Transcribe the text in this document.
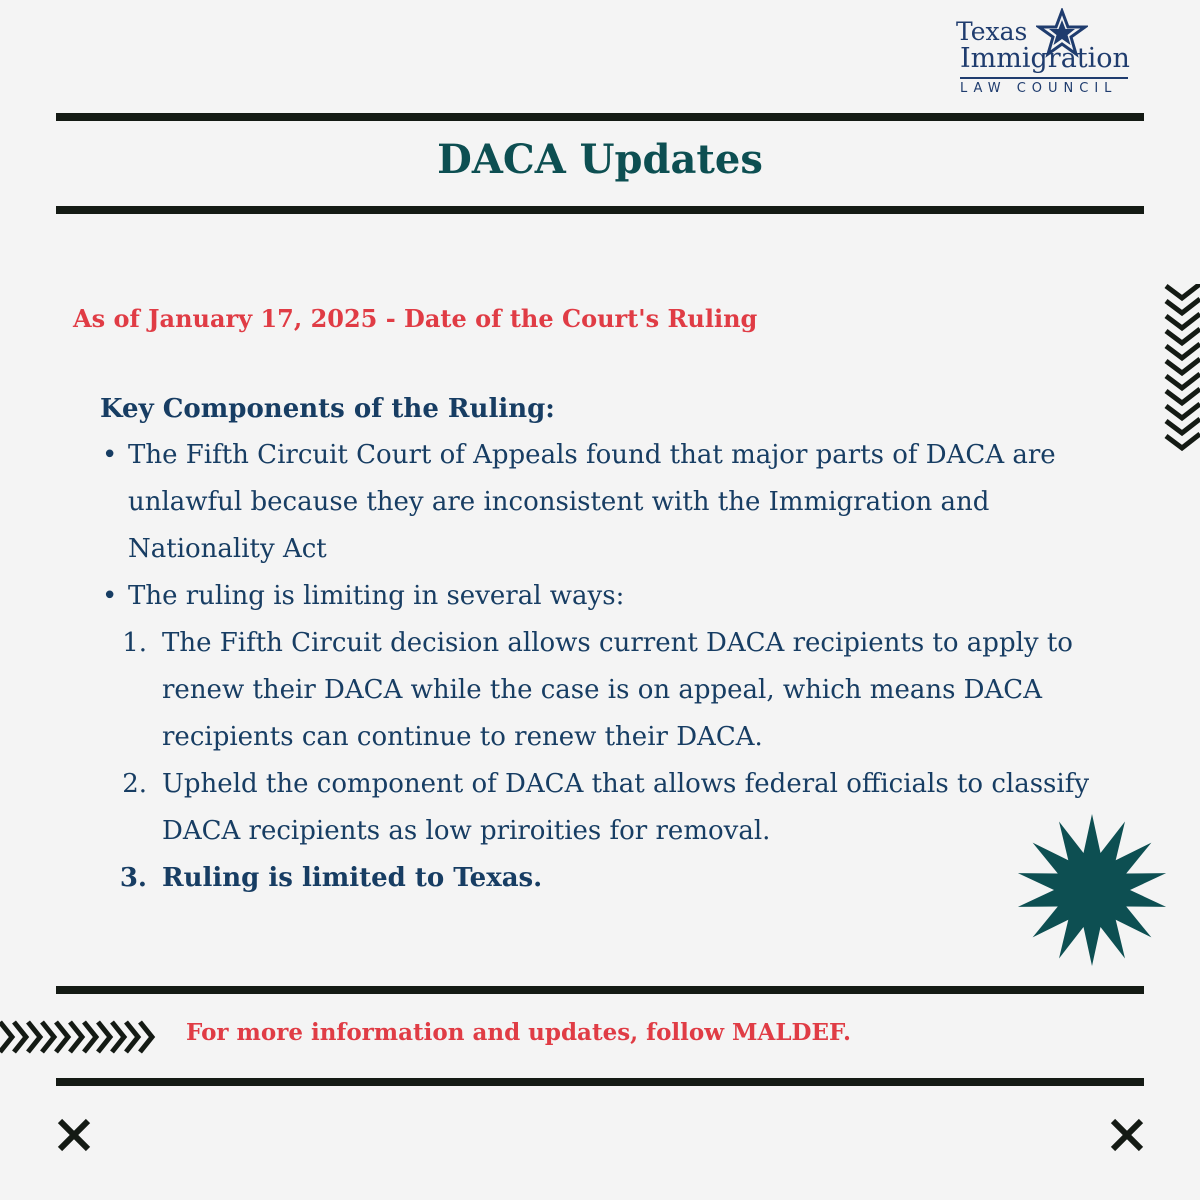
Texas
Immigration
LAW COUNCIL
DACA Updates
As of January 17, 2025 - Date of the Court's Ruling

Key Components of the Ruling:

• The Fifth Circuit Court of Appeals found that major parts of DACA are unlawful because they are inconsistent with the Immigration and Nationality Act
• The ruling is limiting in several ways:
1. The Fifth Circuit decision allows current DACA recipients to apply to renew their DACA while the case is on appeal, which means DACA recipients can continue to renew their DACA.
2. Upheld the component of DACA that allows federal officials to classify DACA recipients as low priroities for removal.
3. Ruling is limited to Texas.
For more information and updates, follow MALDEF.
